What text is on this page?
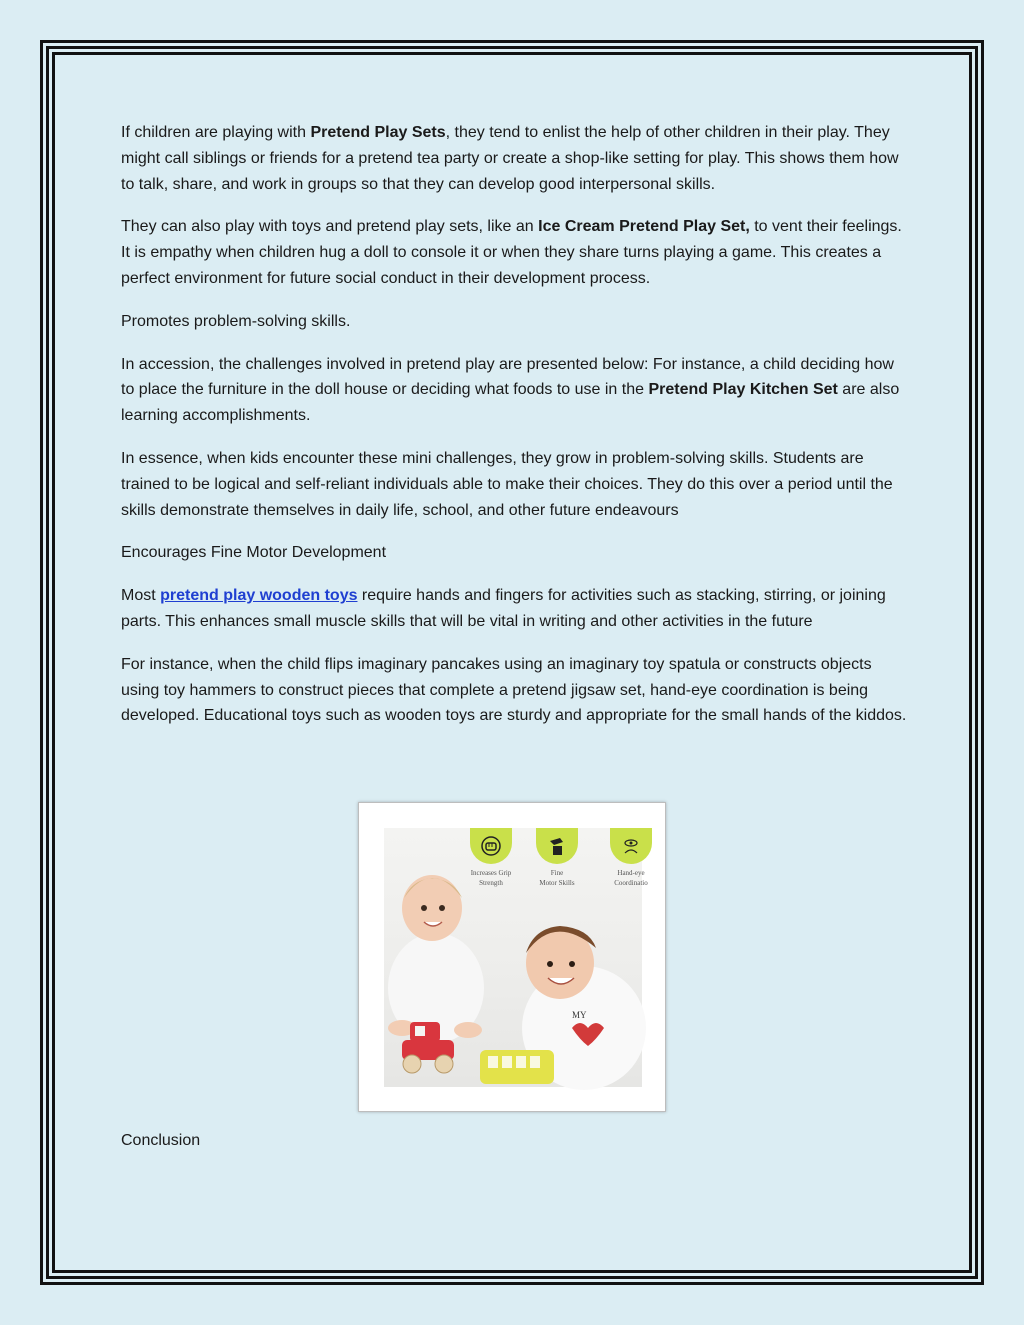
If children are playing with Pretend Play Sets, they tend to enlist the help of other children in their play. They might call siblings or friends for a pretend tea party or create a shop-like setting for play. This shows them how to talk, share, and work in groups so that they can develop good interpersonal skills.

They can also play with toys and pretend play sets, like an Ice Cream Pretend Play Set, to vent their feelings. It is empathy when children hug a doll to console it or when they share turns playing a game. This creates a perfect environment for future social conduct in their development process.

Promotes problem-solving skills.

In accession, the challenges involved in pretend play are presented below: For instance, a child deciding how to place the furniture in the doll house or deciding what foods to use in the Pretend Play Kitchen Set are also learning accomplishments.

In essence, when kids encounter these mini challenges, they grow in problem-solving skills. Students are trained to be logical and self-reliant individuals able to make their choices. They do this over a period until the skills demonstrate themselves in daily life, school, and other future endeavours

Encourages Fine Motor Development

Most pretend play wooden toys require hands and fingers for activities such as stacking, stirring, or joining parts. This enhances small muscle skills that will be vital in writing and other activities in the future

For instance, when the child flips imaginary pancakes using an imaginary toy spatula or constructs objects using toy hammers to construct pieces that complete a pretend jigsaw set, hand-eye coordination is being developed. Educational toys such as wooden toys are sturdy and appropriate for the small hands of the kiddos.

Increases Grip
Strength
Fine
Motor Skills
Hand-eye
Coordinatio
MY
Conclusion
